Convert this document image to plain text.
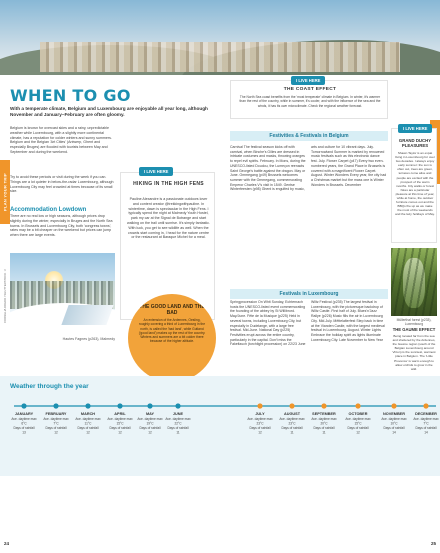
PLAN YOUR TRIP
WHEN TO GO
With a temperate climate, Belgium and Luxembourg are enjoyable all year long, although November and January–February are often gloomy.
Belgium is known for overcast skies and a rainy, unpredictable weather while Luxembourg, with a slightly more continental climate, has a reputation for colder winters and sunny summers. Belgium and the Belgian 'Art Cities' (Antwerp, Ghent and especially Bruges) are flooded with tourists between May and September and during the weekend.
Try to avoid these periods or visit during the week if you can. Things are a lot quieter in below-the-radar Luxembourg, although Luxembourg City may feel crowded at times because of its small size.
Accommodation Lowdown
There are no real low or high seasons, although prices drop slightly during the winter, especially in Bruges and the North Sea towns. In Brussels and Luxembourg City, both 'congress towns', rates may be a bit cheaper on the weekend but prices can jump when there are large events.
CORNELIA DOERR / SHUTTERSTOCK ©
Hautes Fagnes (p263), Malmedy
I LIVE HERE
HIKING IN THE HIGH FENS
Pauline Alexandre is a passionate outdoors lover and content creator @trekkingwithpauline. In wintertime, dawn is spectacular in the High Fens. I typically spend the night at Malmedy Youth Hostel, park my car at the Signal de Botrange and start walking on the trail until sunrise. It's simply fantastic. With luck, you get to see wildlife as well. When the crowds start coming in, I head for the nature centre or the restaurant at Baraque Michel for a meal.
THE GOOD LAND AND THE BAD
An extension of the Ardennes, Oesling, roughly covering a third of Luxembourg in the north, is called the 'bad land', while Gutland ('good land') makes up the rest of the country. Winters and summers are a bit colder there because of the higher altitude.
I LIVE HERE
THE COAST EFFECT
The North Sea coast benefits from the 'most temperate' climate in Belgium. In winter, it's warmer than the rest of the country, while in summer, it's cooler, and with the influence of the sea and the winds, it has its own microclimate. Check the regional weather forecast.
Festivities & Festivals in Belgium
Carnival The festival season kicks off with carnival, when Binche's Gilles are dressed in intricate costumes and masks, throwing oranges to repel evil spirits. February. In Mons, during the UNESCO-listed Doudou, the Lumeçon reenacts Saint George's battle against the dragon. May or June. Ommegang (p49) Brussels welcomes summer with the Ommegang, commemorating Emperor Charles V's visit in 1549. Gentse Winterfeesten (p98) Ghent is engulfed by music,
arts and culture for 10 vibrant days. July. Tomorrowland Summer is marked by renowned music festivals such as this electronic dance fest. July. Flower Carpet (p47) Every two even-numbered years, the Grand Place in Brussels is covered with a magnificent Flower Carpet. August. Winter Wonders Every year, the city had a Christmas market but the mass one is Winter Wonders in Brussels. December
Festivals in Luxembourg
Springprocession On Whit Sunday, Echternach hosts the UNESCO-listed event commemorating the founding of the abbey by St Willibrord. May/June. Fête de la Musique (p225) Held in several towns, including Luxembourg City, but especially in Dudelange, with a large free festival. Mid-June. National Day (p225) Festivities erupt across the entire country, particularly in the capital. Don't miss the Fakeltzuch (torchlight procession) on 22/23 June
Wiltz Festival (p235) The largest festival in Luxembourg, with the picturesque backdrop of Wiltz Castle. First half of July. Blues'n'Jazz Rallye (p226) Music fills the air in Luxembourg City. Mid-July. Mëttelalterfest Step back in time at the Vianden Castle, with the largest medieval festival in Luxembourg. August. Winter Lights Embrace the holiday spirit as lights illuminate Luxembourg City. Late November to New Year
I LIVE HERE
GRAND DUCHY PLEASURES
Shawn Taylor is an expat living in Luxembourg for over two decades. I always enjoy early summer: the sun is often out, trees are green, terraces come alive and people are excited with the prospect of the warm months. City walks or forest hikes are a particular pleasure at this time of year, while at home, the outdoor furniture comes out and the BBQs fire up as we make the most of the weekends and the lazy holidays of May.
Müllerthal forest (p233), Luxembourg
THE GAUME EFFECT
Being located far from the sea and sheltered by the Ardennes, the Gaume region (south of the Belgian Luxembourg around Virton) is the sunniest, warmest place in Belgium. The 'Little Provence' is warm enough to allow orchids to grow in the wild.
Weather through the year
JANUARY
Ave. daytime max
6°C
Days of rainfall
13
FEBRUARY
Ave. daytime max
7°C
Days of rainfall
12
MARCH
Ave. daytime max
11°C
Days of rainfall
12
APRIL
Ave. daytime max
15°C
Days of rainfall
12
MAY
Ave. daytime max
19°C
Days of rainfall
12
JUNE
Ave. daytime max
22°C
Days of rainfall
11
JULY
Ave. daytime max
23°C
Days of rainfall
12
AUGUST
Ave. daytime max
23°C
Days of rainfall
11
SEPTEMBER
Ave. daytime max
20°C
Days of rainfall
11
OCTOBER
Ave. daytime max
15°C
Days of rainfall
12
NOVEMBER
Ave. daytime max
10°C
Days of rainfall
14
DECEMBER
Ave. daytime max
7°C
Days of rainfall
14
24	25
